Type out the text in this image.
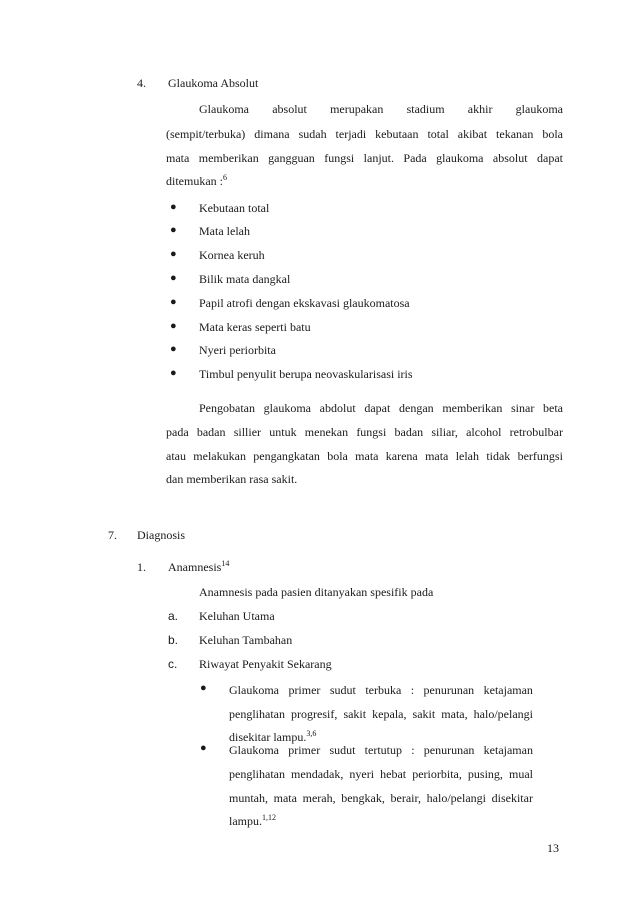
4. Glaukoma Absolut
Glaukoma absolut merupakan stadium akhir glaukoma
(sempit/terbuka) dimana sudah terjadi kebutaan total akibat tekanan bola
mata memberikan gangguan fungsi lanjut. Pada glaukoma absolut dapat
ditemukan :$^6$
● Kebutaan total
● Mata lelah
● Kornea keruh
● Bilik mata dangkal
● Papil atrofi dengan ekskavasi glaukomatosa
● Mata keras seperti batu
● Nyeri periorbita
● Timbul penyulit berupa neovaskularisasi iris
Pengobatan glaukoma abdolut dapat dengan memberikan sinar beta
pada badan sillier untuk menekan fungsi badan siliar, alcohol retrobulbar
atau melakukan pengangkatan bola mata karena mata lelah tidak berfungsi
dan memberikan rasa sakit.
7. Diagnosis
1. Anamnesis$^{14}$
Anamnesis pada pasien ditanyakan spesifik pada
a. Keluhan Utama
b. Keluhan Tambahan
c. Riwayat Penyakit Sekarang
● Glaukoma primer sudut terbuka : penurunan ketajaman
penglihatan progresif, sakit kepala, sakit mata, halo/pelangi
disekitar lampu.$^{3,6}$
● Glaukoma primer sudut tertutup : penurunan ketajaman
penglihatan mendadak, nyeri hebat periorbita, pusing, mual
muntah, mata merah, bengkak, berair, halo/pelangi disekitar
lampu.$^{1,12}$
13
